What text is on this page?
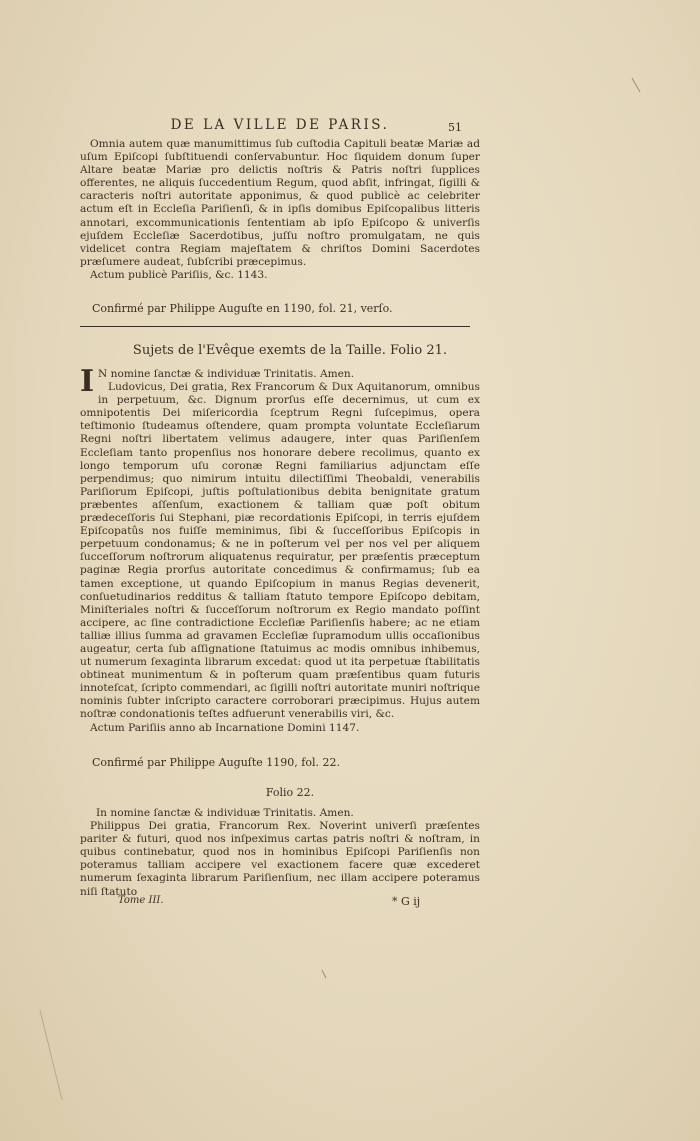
DE LA VILLE DE PARIS.	51

Omnia autem quæ manumittimus ſub cuſtodia Capituli beatæ Mariæ ad uſum Epiſcopi ſubſtituendi conſervabuntur. Hoc ſiquidem donum ſuper Altare beatæ Mariæ pro delictis noſtris & Patris noſtri ſupplices offerentes, ne aliquis ſuccedentium Regum, quod abſit, infringat, ſigilli & caracteris noſtri autoritate apponimus, & quod publicè ac celebriter actum eſt in Eccleſia Pariſienſi, & in ipſis domibus Epiſcopalibus litteris annotari, excommunicationis ſententiam ab ipſo Epiſcopo & univerſis ejuſdem Eccleſiæ Sacerdotibus, juſſu noſtro promulgatam, ne quis videlicet contra Regiam majeſtatem & chriſtos Domini Sacerdotes præſumere audeat, ſubſcribi præcepimus.

Actum publicè Pariſiis, &c. 1143.

Confirmé par Philippe Auguſte en 1190, fol. 21, verſo.
Sujets de l'Evêque exemts de la Taille. Folio 21.
I N nomine ſanctæ & individuæ Trinitatis. Amen.

Ludovicus, Dei gratia, Rex Francorum & Dux Aquitanorum, omnibus in perpetuum, &c. Dignum prorſus eſſe decernimus, ut cum ex omnipotentis Dei miſericordia ſceptrum Regni ſuſcepimus, opera teſtimonio ſtudeamus oſtendere, quam prompta voluntate Eccleſiarum Regni noſtri libertatem velimus adaugere, inter quas Pariſienſem Eccleſiam tanto propenſius nos honorare debere recolimus, quanto ex longo temporum uſu coronæ Regni familiarius adjunctam eſſe perpendimus; quo nimirum intuitu dilectiſſimi Theobaldi, venerabilis Pariſiorum Epiſcopi, juſtis poſtulationibus debita benignitate gratum præbentes aſſenſum, exactionem & talliam quæ poſt obitum prædeceſſoris ſui Stephani, piæ recordationis Epiſcopi, in terris ejuſdem Epiſcopatûs nos fuiſſe meminimus, ſibi & ſucceſſoribus Epiſcopis in perpetuum condonamus; & ne in poſterum vel per nos vel per aliquem ſucceſſorum noſtrorum aliquatenus requiratur, per præſentis præceptum paginæ Regia prorſus autoritate concedimus & confirmamus; ſub ea tamen exceptione, ut quando Epiſcopium in manus Regias devenerit, conſuetudinarios redditus & talliam ſtatuto tempore Epiſcopo debitam, Miniſteriales noſtri & ſucceſſorum noſtrorum ex Regio mandato poſſint accipere, ac ſine contradictione Eccleſiæ Pariſienſis habere; ac ne etiam talliæ illius ſumma ad gravamen Eccleſiæ ſupramodum ullis occaſionibus augeatur, certa ſub aſſignatione ſtatuimus ac modis omnibus inhibemus, ut numerum ſexaginta librarum excedat: quod ut ita perpetuæ ſtabilitatis obtineat munimentum & in poſterum quam præſentibus quam futuris innoteſcat, ſcripto commendari, ac ſigilli noſtri autoritate muniri noſtrique nominis ſubter inſcripto caractere corroborari præcipimus. Hujus autem noſtræ condonationis teſtes adfuerunt venerabilis viri, &c.

Actum Pariſiis anno ab Incarnatione Domini 1147.

Confirmé par Philippe Auguſte 1190, fol. 22.
Folio 22.

In nomine ſanctæ & individuæ Trinitatis. Amen.

Philippus Dei gratia, Francorum Rex. Noverint univerſi præſentes pariter & futuri, quod nos inſpeximus cartas patris noſtri & noſtram, in quibus continebatur, quod nos in hominibus Epiſcopi Pariſienſis non poteramus talliam accipere vel exactionem facere quæ excederet numerum ſexaginta librarum Pariſienſium, nec illam accipere poteramus niſi ſtatuto

Tome III.	* G ij
